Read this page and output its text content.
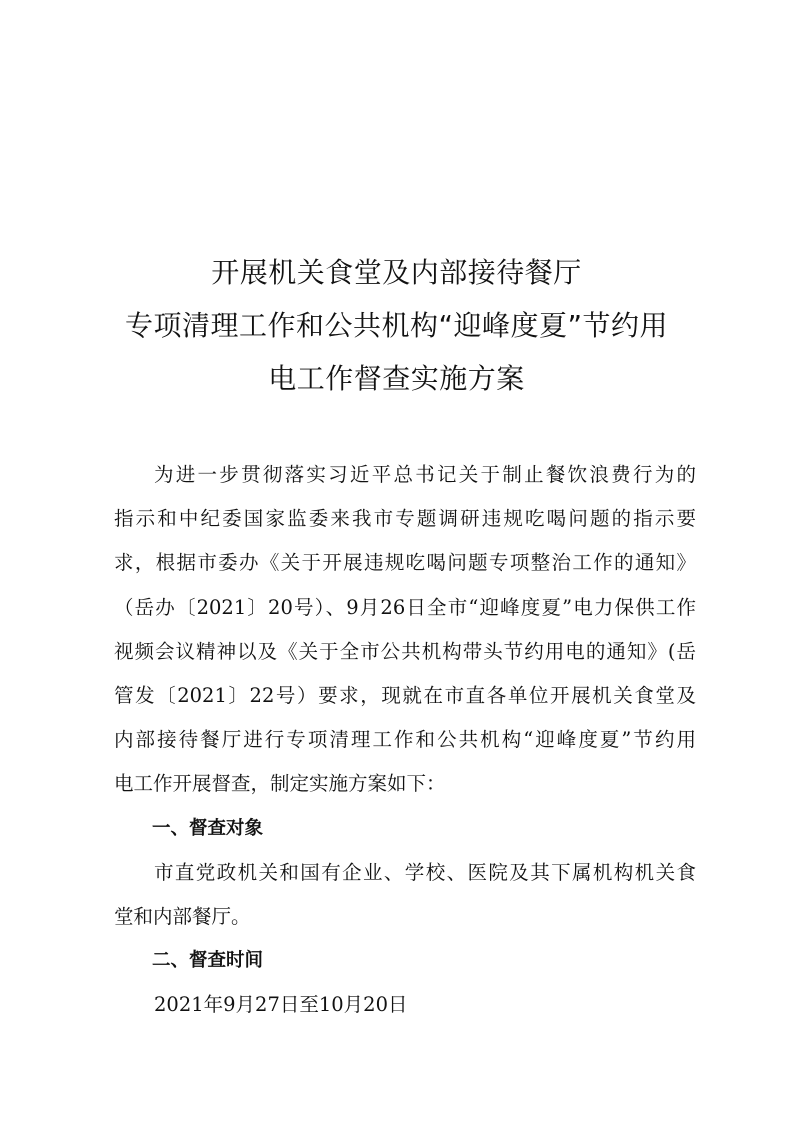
开展机关食堂及内部接待餐厅
专项清理工作和公共机构“迎峰度夏”节约用
电工作督查实施方案
为进一步贯彻落实习近平总书记关于制止餐饮浪费行为的
指示和中纪委国家监委来我市专题调研违规吃喝问题的指示要
求，根据市委办《关于开展违规吃喝问题专项整治工作的通知》
（岳办〔2021〕20号）、9月26日全市“迎峰度夏”电力保供工作
视频会议精神以及《关于全市公共机构带头节约用电的通知》(岳
管发〔2021〕22号）要求，现就在市直各单位开展机关食堂及
内部接待餐厅进行专项清理工作和公共机构“迎峰度夏”节约用
电工作开展督查，制定实施方案如下：
一、督查对象
市直党政机关和国有企业、学校、医院及其下属机构机关食
堂和内部餐厅。
二、督查时间
2021年9月27日至10月20日
